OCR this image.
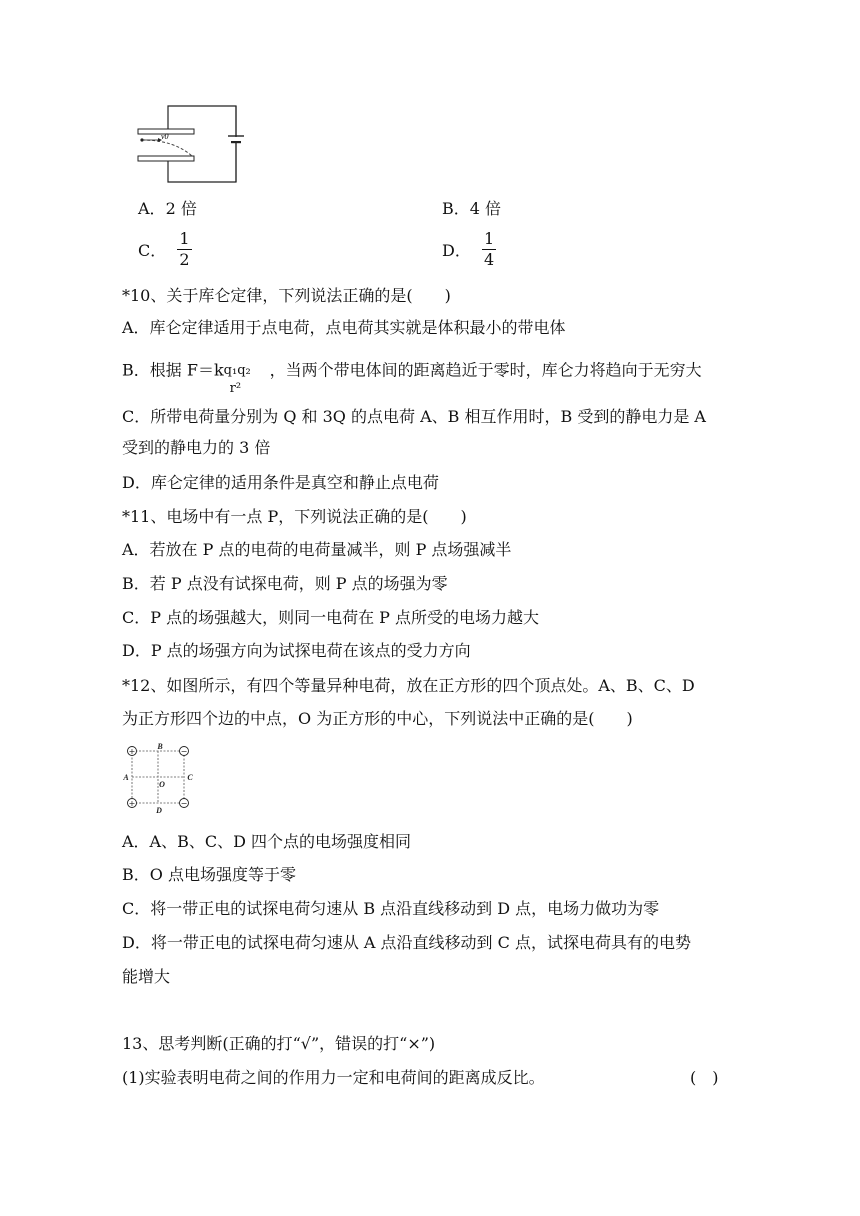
v0
A．2 倍	B．4 倍
C． $\frac{1}{2}$	D． $\frac{1}{4}$
*10、关于库仑定律，下列说法正确的是(　　)
A．库仑定律适用于点电荷，点电荷其实就是体积最小的带电体
B．根据 F＝k q₁q₂
r²
，当两个带电体间的距离趋近于零时，库仑力将趋向于无穷大
C．所带电荷量分别为 Q 和 3Q 的点电荷 A、B 相互作用时，B 受到的静电力是 A
受到的静电力的 3 倍
D．库仑定律的适用条件是真空和静止点电荷
*11、电场中有一点 P，下列说法正确的是(　　)
A．若放在 P 点的电荷的电荷量减半，则 P 点场强减半
B．若 P 点没有试探电荷，则 P 点的场强为零
C．P 点的场强越大，则同一电荷在 P 点所受的电场力越大
D．P 点的场强方向为试探电荷在该点的受力方向
*12、如图所示，有四个等量异种电荷，放在正方形的四个顶点处。A、B、C、D
为正方形四个边的中点，O 为正方形的中心，下列说法中正确的是(　　)
+	−
+	−
B
A	C
O
D
A．A、B、C、D 四个点的电场强度相同
B．O 点电场强度等于零
C．将一带正电的试探电荷匀速从 B 点沿直线移动到 D 点，电场力做功为零
D．将一带正电的试探电荷匀速从 A 点沿直线移动到 C 点，试探电荷具有的电势
能增大
13、思考判断(正确的打“√”，错误的打“×”)
(1)实验表明电荷之间的作用力一定和电荷间的距离成反比。	(　)
